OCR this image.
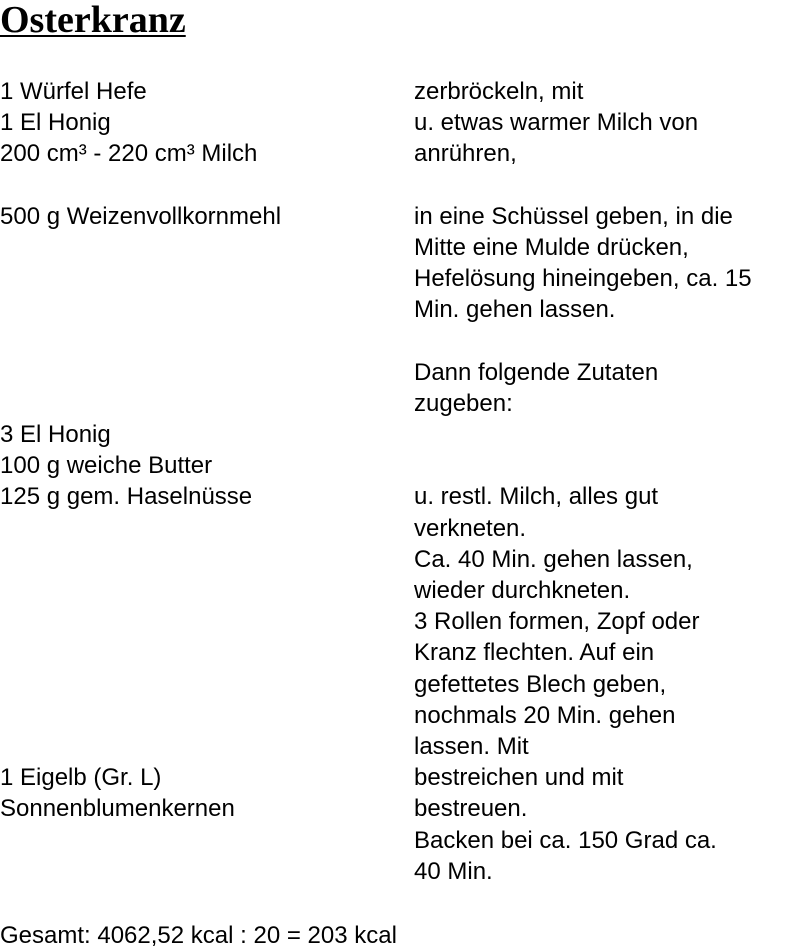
Osterkranz
1 Würfel Hefe	zerbröckeln, mit
1 El Honig	u. etwas warmer Milch von
200 cm³ - 220 cm³ Milch	anrühren,
500 g Weizenvollkornmehl	in eine Schüssel geben, in die
Mitte eine Mulde drücken,
Hefelösung hineingeben, ca. 15
Min. gehen lassen.
Dann folgende Zutaten
zugeben:
3 El Honig
100 g weiche Butter
125 g gem. Haselnüsse	u. restl. Milch, alles gut
verkneten.
Ca. 40 Min. gehen lassen,
wieder durchkneten.
3 Rollen formen, Zopf oder
Kranz flechten. Auf ein
gefettetes Blech geben,
nochmals 20 Min. gehen
lassen. Mit
1 Eigelb (Gr. L)	bestreichen und mit
Sonnenblumenkernen	bestreuen.
Backen bei ca. 150 Grad ca.
40 Min.
Gesamt: 4062,52 kcal : 20 = 203 kcal
